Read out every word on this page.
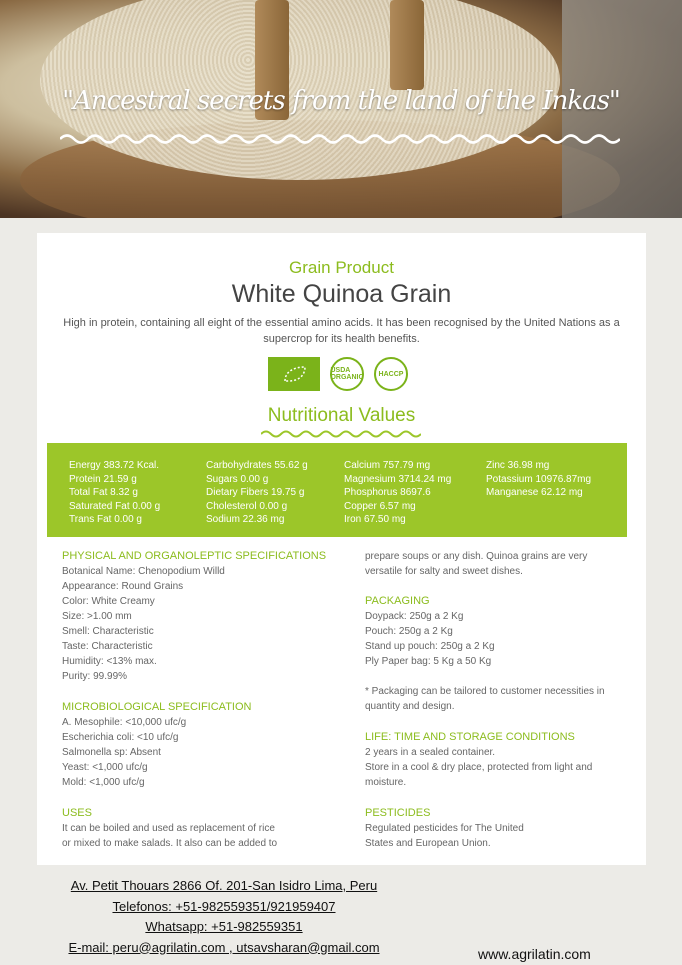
"Ancestral secrets from the land of the Inkas"
Grain Product
White Quinoa Grain
High in protein, containing all eight of the essential amino acids. It has been recognised by the United Nations as a supercrop for its health benefits.
USDA ORGANIC	HACCP
Nutritional Values
Energy 383.72 Kcal.
Protein 21.59 g
Total Fat 8.32 g
Saturated Fat 0.00 g
Trans Fat 0.00 g
Carbohydrates 55.62 g
Sugars 0.00 g
Dietary Fibers 19.75 g
Cholesterol 0.00 g
Sodium 22.36 mg
Calcium 757.79 mg
Magnesium 3714.24 mg
Phosphorus 8697.6
Copper 6.57 mg
Iron 67.50 mg
Zinc 36.98 mg
Potassium 10976.87mg
Manganese 62.12 mg
PHYSICAL AND ORGANOLEPTIC SPECIFICATIONS

Botanical Name: Chenopodium Willd

Appearance: Round Grains

Color: White Creamy

Size: >1.00 mm

Smell: Characteristic

Taste: Characteristic

Humidity: <13% max.

Purity: 99.99%

MICROBIOLOGICAL SPECIFICATION

A. Mesophile: <10,000 ufc/g

Escherichia coli: <10 ufc/g

Salmonella sp: Absent

Yeast: <1,000 ufc/g

Mold: <1,000 ufc/g

USES

It can be boiled and used as replacement of rice

or mixed to make salads. It also can be added to

prepare soups or any dish. Quinoa grains are very

versatile for salty and sweet dishes.

PACKAGING

Doypack: 250g a 2 Kg

Pouch: 250g a 2 Kg

Stand up pouch: 250g a 2 Kg

Ply Paper bag: 5 Kg a 50 Kg

* Packaging can be tailored to customer necessities in

quantity and design.

LIFE: TIME AND STORAGE CONDITIONS

2 years in a sealed container.

Store in a cool & dry place, protected from light and

moisture.

PESTICIDES

Regulated pesticides for The United

States and European Union.

Av. Petit Thouars 2866 Of. 201-San Isidro Lima, Peru
Telefonos: +51-982559351/921959407
Whatsapp: +51-982559351
E-mail: peru@agrilatin.com , utsavsharan@gmail.com	www.agrilatin.com
